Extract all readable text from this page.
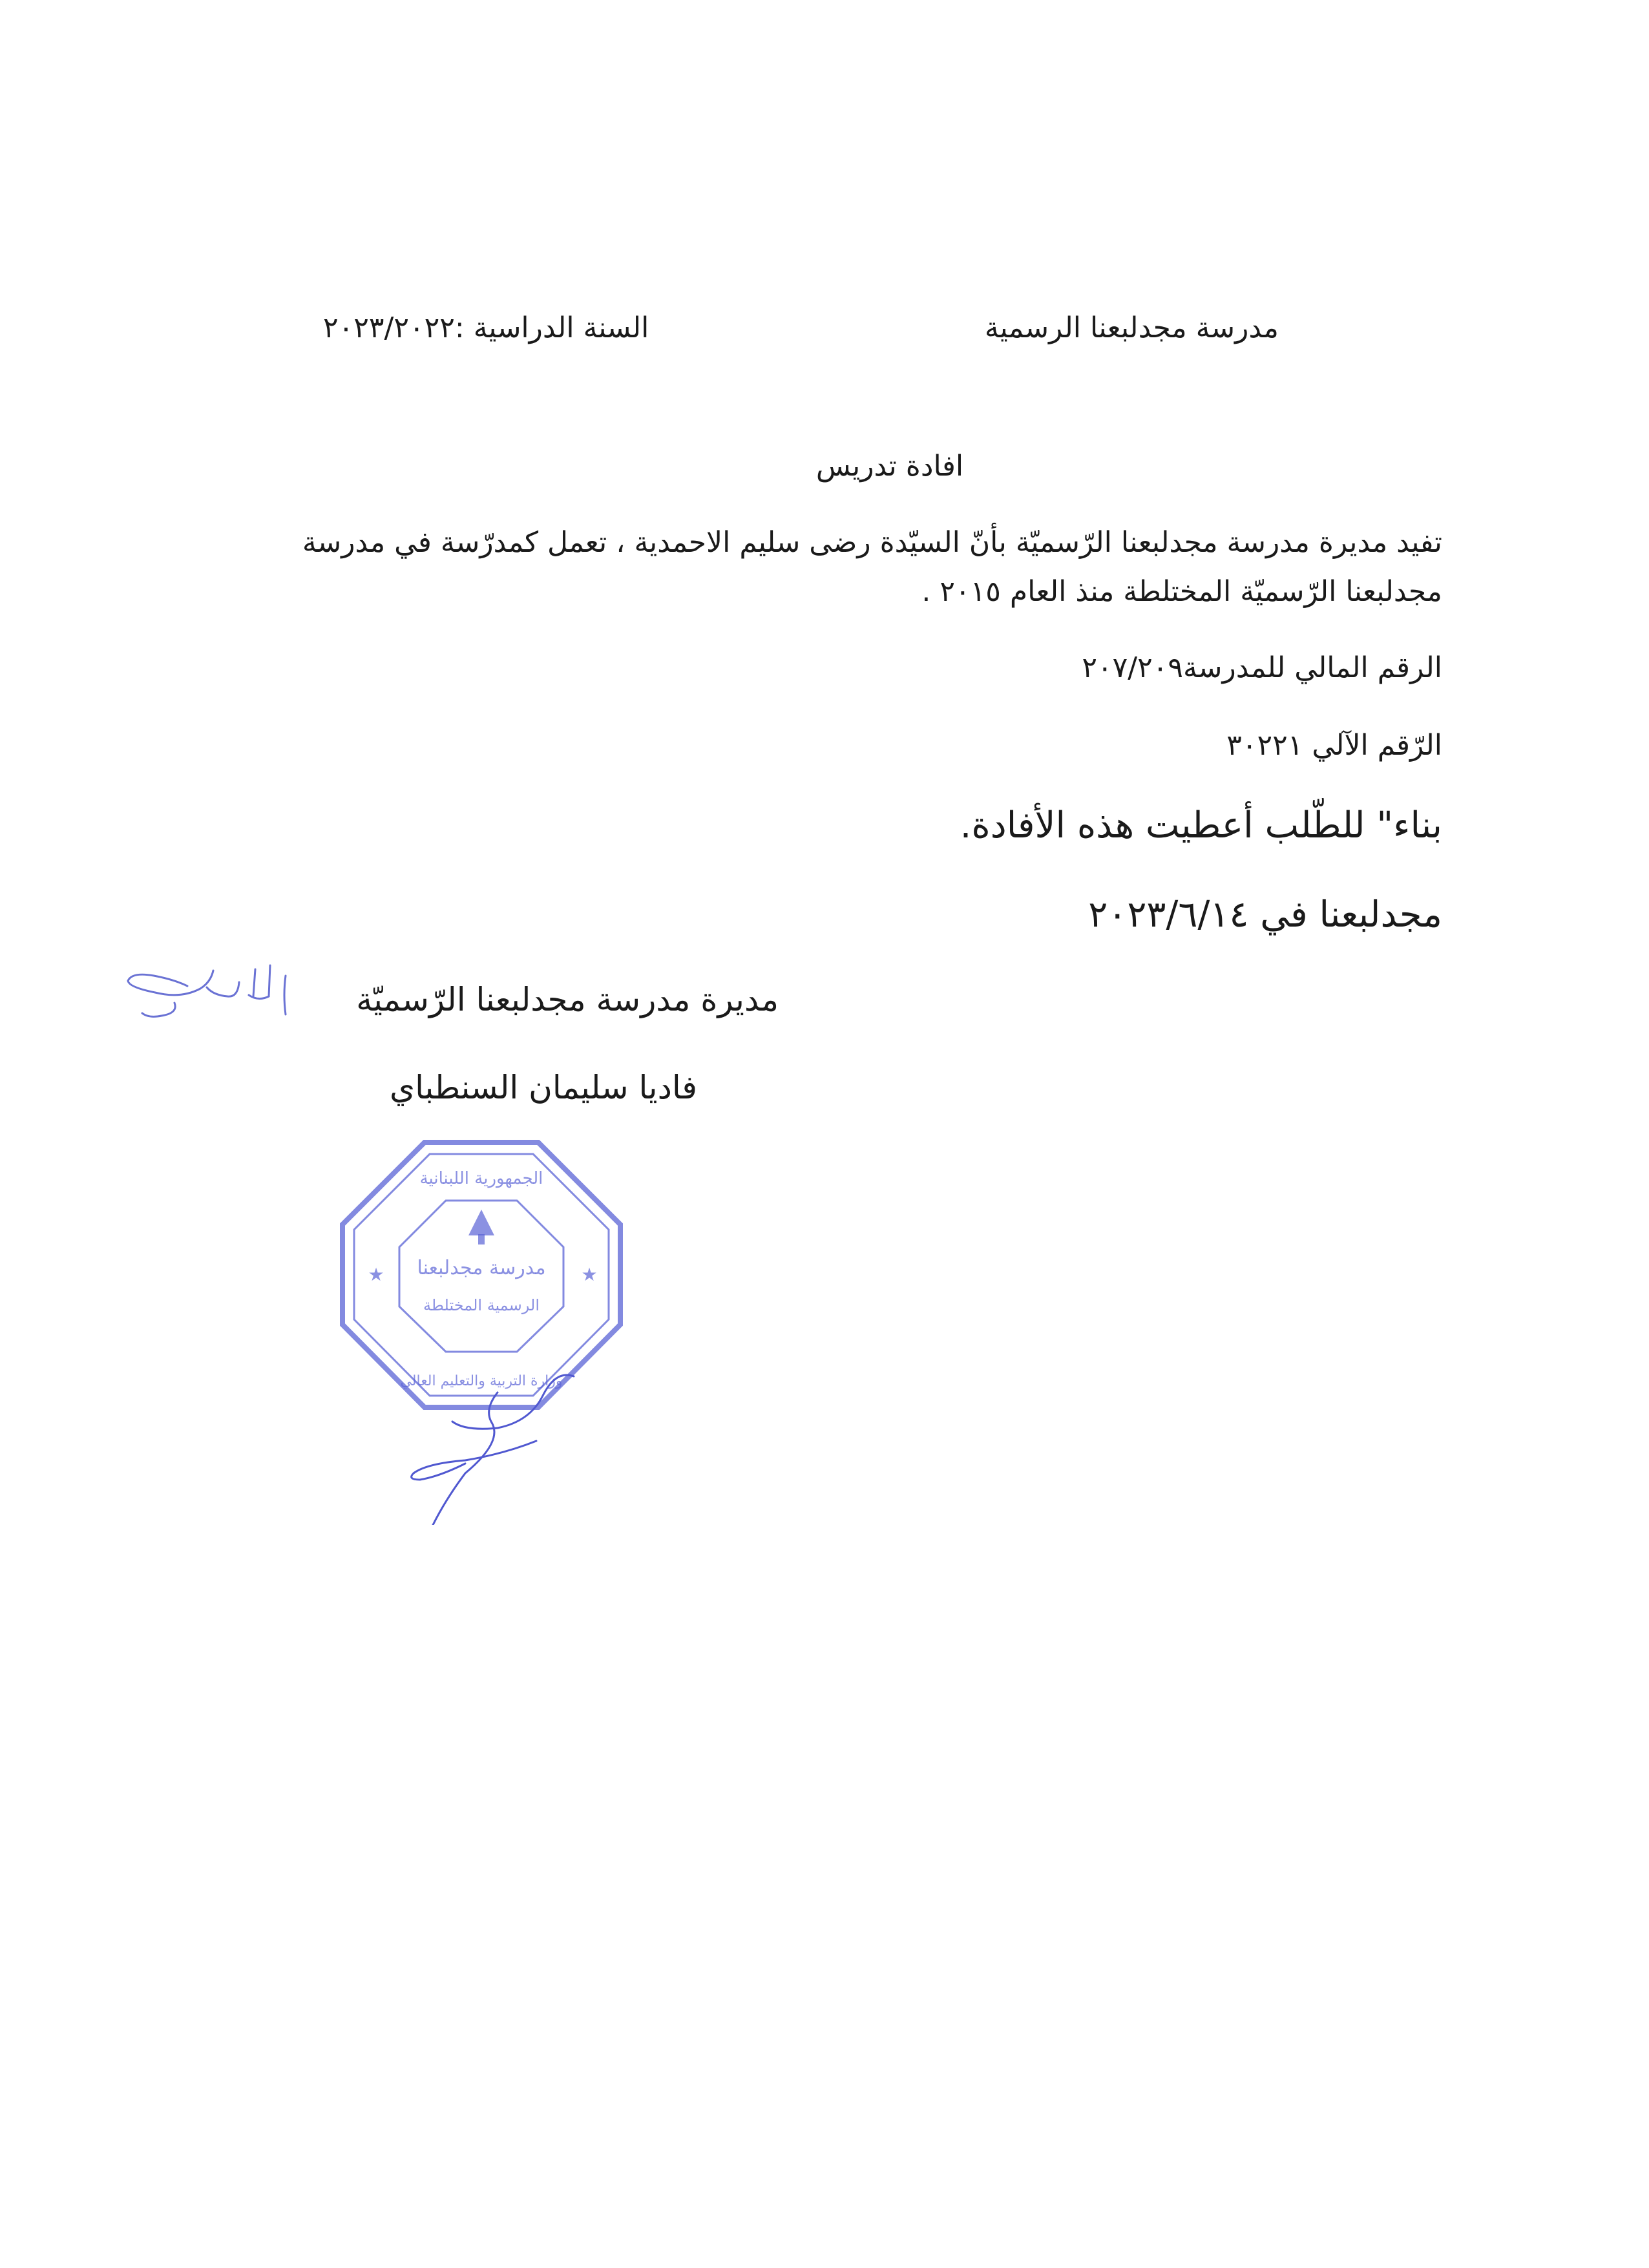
مدرسة مجدلبعنا الرسمية
السنة الدراسية :٢٠٢٣/٢٠٢٢
افادة تدريس
تفيد مديرة مدرسة مجدلبعنا الرّسميّة بأنّ السيّدة رضى سليم الاحمدية ، تعمل كمدرّسة في مدرسة
مجدلبعنا الرّسميّة المختلطة منذ العام ٢٠١٥ .
الرقم المالي للمدرسة٢٠٧/٢٠٩
الرّقم الآلي ٣٠٢٢١
بناء" للطّلب أعطيت هذه الأفادة.
مجدلبعنا في ٢٠٢٣/٦/١٤
مديرة مدرسة مجدلبعنا الرّسميّة
فاديا سليمان السنطباي
الجمهورية اللبنانية
مدرسة مجدلبعنا
الرسمية المختلطة
وزارة التربية والتعليم العالي
★	★
